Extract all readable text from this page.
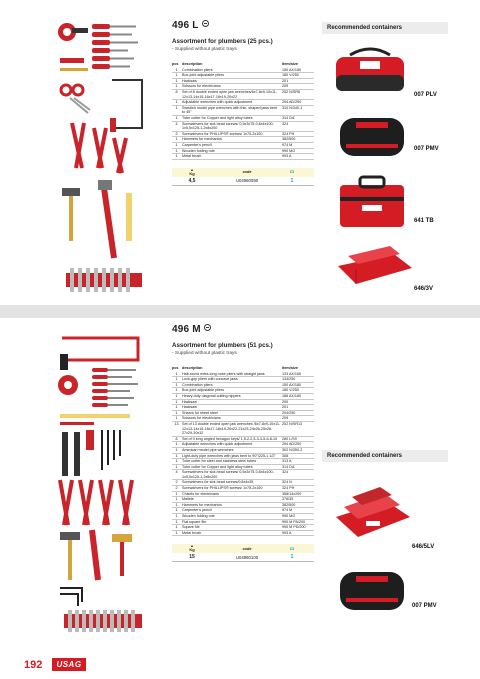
496 L
Assortment for plumbers (25 pcs.)
- Supplied without plastic trays
pcs	description	item/size
1	Combination pliers	150 AX/180
1	Box-joint adjustable pliers	180 V/250
1	Hacksaw	201
1	Scissors for electricians	209
8	Set of 8 double ended open jaw wrenches/6x7-8x9-10x11-12x13-14x15-16x17-18x19-20x22	252 N/SR8
1	Adjustable wrenches with quick adjustment	294 AD/250
1	Swedish model pipe wrenches with thin, shaped jaws bent to 45°	310 N/340-1
1	Tube cutter for Copper and light alloy tubes	314 DA
4	Screwdrivers for slot-head screws/ 0,5x3x75-0,8x4x100-1x5,5x125-1,2x8x200	324
2	Screwdrivers for PHILLIPS® screws/ 1x75-2x100	324 PH
1	Hammers for mechanics	382/500
1	Carpenter's pencil	974 M
1	Wooden folding rule	990 M/2
1	Metal brush	993 A
▲
Kg	code	▭
4,5	U04960090	1
Recommended containers
007 PLV
007 PMV
641 TB
646/3V
496 M
Assortment for plumbers (51 pcs.)
- Supplied without plastic trays
pcs	description	item/size
1	Half-round extra-long nose pliers with straight jaws	133 AX/160
1	Lock-grip pliers with concave jaws	134/250
1	Combination pliers	150 AX/180
1	Box-joint adjustable pliers	180 V/250
1	Heavy-duty diagonal cutting nippers	186 AX/160
1	Hacksaw	200
1	Hacksaw	201
1	Shears for sheet steel	204/250
1	Scissors for electricians	209
13	Set of 13 double ended open jaw wrenches /6x7-8x9-10x11-12x13-14x15-16x17-18x19-20x22-21x23-24x26-25x28-27x29-30x32	252 N/SR13
8	Set of 9 long angled hexagon keys/ 1,5-2-2,5-3-4-5-6-8-10	280 L/S9
1	Adjustable wrenches with quick adjustment	294 AD/250
1	American model pipe wrenches	302 N/350-2
1	Light-duty pipe wrenches with jaws bent to 90°/225-1 1/2"	308
1	Tube cutter for steel and stainless steel tubes	313 A
1	Tube cutter for Copper and light alloy tubes	314 DA
4	Screwdrivers for slot-head screws/ 0,5x3x75-0,8x4x100-1x5,5x125-1,2x8x200	324
2	Screwdrivers for slot-head screws/0,8x4x35	324 N
2	Screwdrivers for PHILLIPS® screws/ 1x75-2x100	324 PH
1	Chisels for electricians	358/14x200
1	Mallets	376/35
1	Hammers for mechanics	382/500
1	Carpenter's pencil	974 M
1	Wooden folding rule	990 M/2
1	Flat square file	990 M PA/200
1	Square file	990 M PD/200
1	Metal brush	993 A
▲
Kg	code	▭
15	U04960100	1
Recommended containers
646/5LV
007 PMV
192	USAG
